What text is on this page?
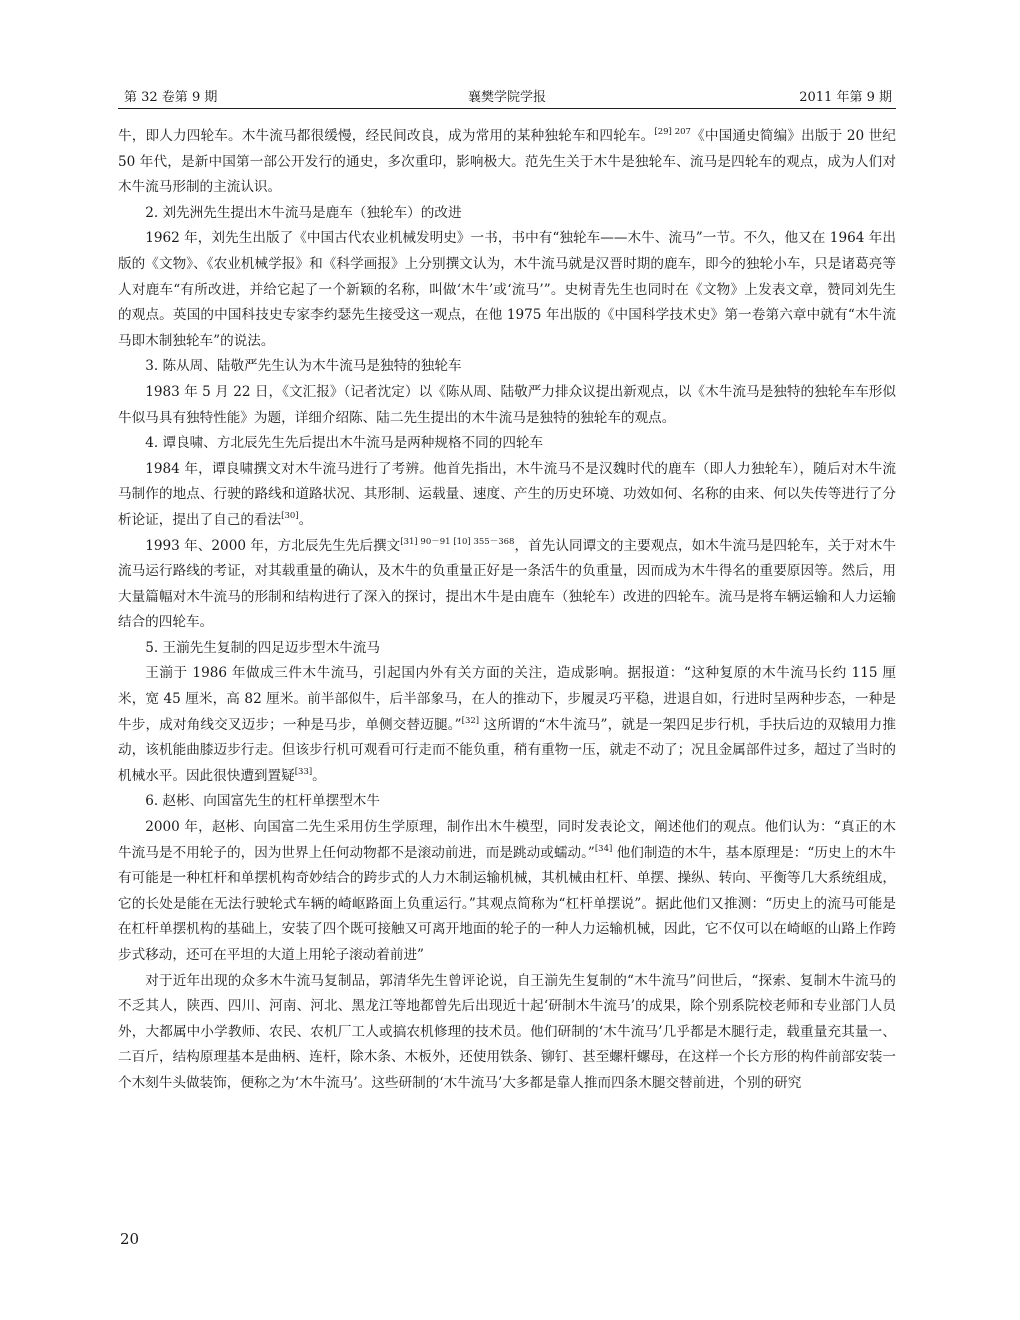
第 32 卷第 9 期	襄樊学院学报	2011 年第 9 期

牛，即人力四轮车。木牛流马都很缓慢，经民间改良，成为常用的某种独轮车和四轮车。$^{[29] 207}$《中国通史简编》出版于 20 世纪 50 年代，是新中国第一部公开发行的通史，多次重印，影响极大。范先生关于木牛是独轮车、流马是四轮车的观点，成为人们对木牛流马形制的主流认识。

2. 刘先洲先生提出木牛流马是鹿车（独轮车）的改进

1962 年，刘先生出版了《中国古代农业机械发明史》一书，书中有“独轮车——木牛、流马”一节。不久，他又在 1964 年出版的《文物》、《农业机械学报》和《科学画报》上分别撰文认为，木牛流马就是汉晋时期的鹿车，即今的独轮小车，只是诸葛亮等人对鹿车“有所改进，并给它起了一个新颖的名称，叫做‘木牛’或‘流马’”。史树青先生也同时在《文物》上发表文章，赞同刘先生的观点。英国的中国科技史专家李约瑟先生接受这一观点，在他 1975 年出版的《中国科学技术史》第一卷第六章中就有“木牛流马即木制独轮车”的说法。

3. 陈从周、陆敬严先生认为木牛流马是独特的独轮车

1983 年 5 月 22 日，《文汇报》（记者沈定）以《陈从周、陆敬严力排众议提出新观点，以《木牛流马是独特的独轮车车形似牛似马具有独特性能》为题，详细介绍陈、陆二先生提出的木牛流马是独特的独轮车的观点。

4. 谭良啸、方北辰先生先后提出木牛流马是两种规格不同的四轮车

1984 年，谭良啸撰文对木牛流马进行了考辨。他首先指出，木牛流马不是汉魏时代的鹿车（即人力独轮车），随后对木牛流马制作的地点、行驶的路线和道路状况、其形制、运载量、速度、产生的历史环境、功效如何、名称的由来、何以失传等进行了分析论证，提出了自己的看法[30]。

1993 年、2000 年，方北辰先生先后撰文$^{[31] 90-91 [10] 355-368}$，首先认同谭文的主要观点，如木牛流马是四轮车，关于对木牛流马运行路线的考证，对其载重量的确认，及木牛的负重量正好是一条活牛的负重量，因而成为木牛得名的重要原因等。然后，用大量篇幅对木牛流马的形制和结构进行了深入的探讨，提出木牛是由鹿车（独轮车）改进的四轮车。流马是将车辆运输和人力运输结合的四轮车。

5. 王湔先生复制的四足迈步型木牛流马

王湔于 1986 年做成三件木牛流马，引起国内外有关方面的关注，造成影响。据报道：“这种复原的木牛流马长约 115 厘米，宽 45 厘米，高 82 厘米。前半部似牛，后半部象马，在人的推动下，步履灵巧平稳，进退自如，行进时呈两种步态，一种是牛步，成对角线交叉迈步；一种是马步，单侧交替迈腿。”[32] 这所谓的“木牛流马”，就是一架四足步行机，手扶后边的双辕用力推动，该机能曲膝迈步行走。但该步行机可观看可行走而不能负重，稍有重物一压，就走不动了；况且金属部件过多，超过了当时的机械水平。因此很快遭到置疑[33]。

6. 赵彬、向国富先生的杠杆单摆型木牛

2000 年，赵彬、向国富二先生采用仿生学原理，制作出木牛模型，同时发表论文，阐述他们的观点。他们认为：“真正的木牛流马是不用轮子的，因为世界上任何动物都不是滚动前进，而是跳动或蠕动。”[34] 他们制造的木牛，基本原理是：“历史上的木牛有可能是一种杠杆和单摆机构奇妙结合的跨步式的人力木制运输机械，其机械由杠杆、单摆、操纵、转向、平衡等几大系统组成，它的长处是能在无法行驶轮式车辆的崎岖路面上负重运行。”其观点简称为“杠杆单摆说”。据此他们又推测：“历史上的流马可能是在杠杆单摆机构的基础上，安装了四个既可接触又可离开地面的轮子的一种人力运输机械，因此，它不仅可以在崎岖的山路上作跨步式移动，还可在平坦的大道上用轮子滚动着前进”

对于近年出现的众多木牛流马复制品，郭清华先生曾评论说，自王湔先生复制的“木牛流马”问世后，“探索、复制木牛流马的不乏其人，陕西、四川、河南、河北、黑龙江等地都曾先后出现近十起‘研制木牛流马’的成果，除个别系院校老师和专业部门人员外，大都属中小学教师、农民、农机厂工人或搞农机修理的技术员。他们研制的‘木牛流马’几乎都是木腿行走，载重量充其量一、二百斤，结构原理基本是曲柄、连杆，除木条、木板外，还使用铁条、铆钉、甚至螺杆螺母，在这样一个长方形的构件前部安装一个木刻牛头做装饰，便称之为‘木牛流马’。这些研制的‘木牛流马’大多都是靠人推而四条木腿交替前进，个别的研究

20
